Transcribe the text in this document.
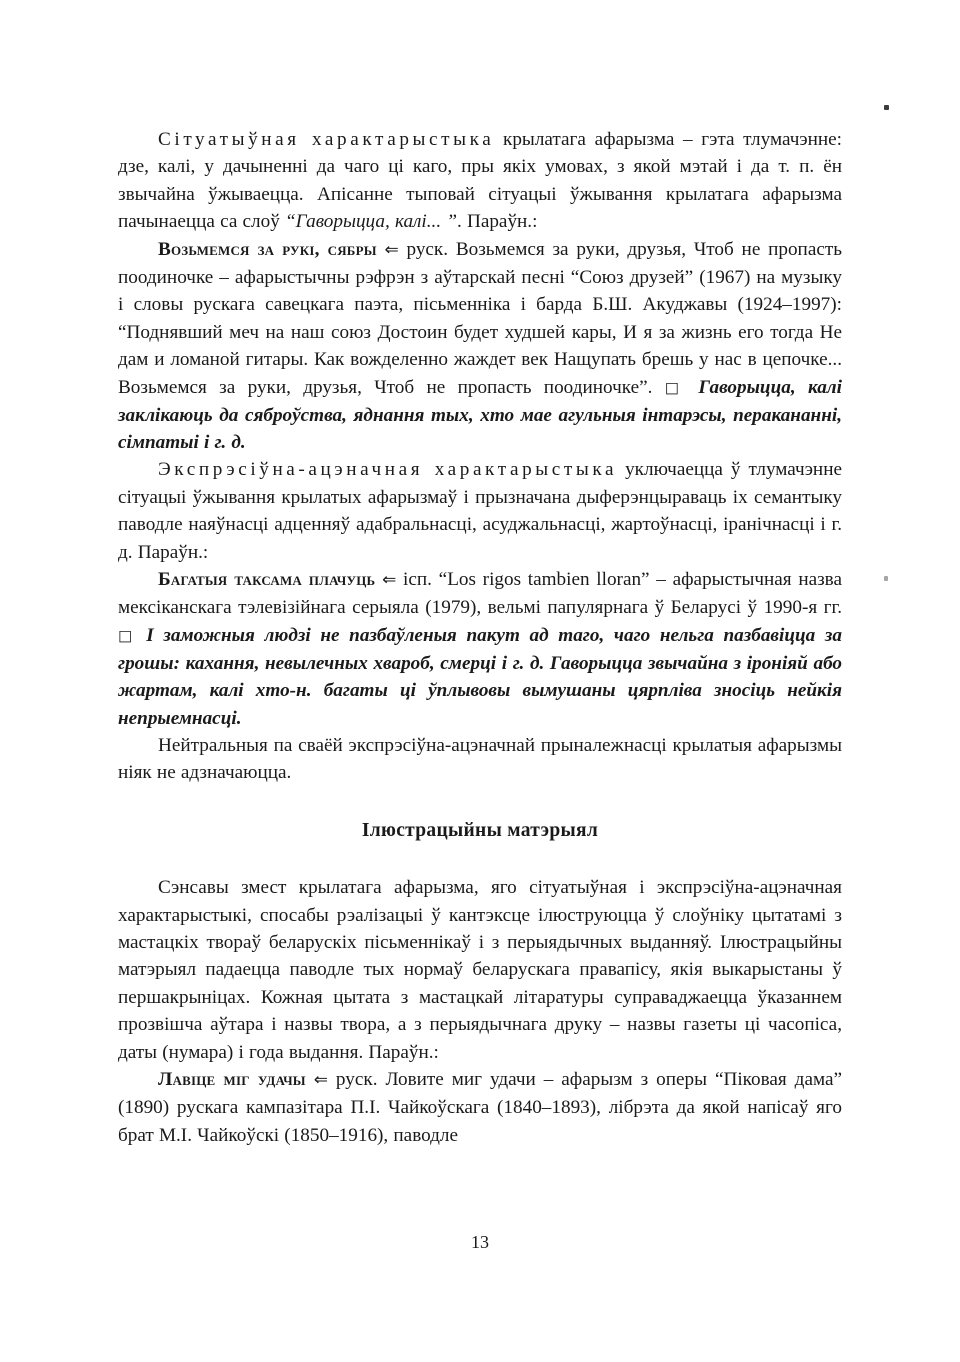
Сітуатыўная характарыстыка крылатага афарызма – гэта тлумачэнне: дзе, калі, у дачыненні да чаго ці каго, пры якіх умовах, з якой мэтай і да т. п. ён звычайна ўжываецца. Апісанне тыповай сітуацыі ўжывання крылатага афарызма пачынаецца са слоў “Гаворыцца, калі... ”. Параўн.:

Возьмемся за рукі, сябры ⇐ руск. Возьмемся за руки, друзья, Чтоб не пропасть поодиночке – афарыстычны рэфрэн з аўтарскай песні “Союз друзей” (1967) на музыку і словы рускага савецкага паэта, пісьменніка і барда Б.Ш. Акуджавы (1924–1997): “Поднявший меч на наш союз Достоин будет худшей кары, И я за жизнь его тогда Не дам и ломаной гитары. Как вожделенно жаждет век Нащупать брешь у нас в цепочке... Возьмемся за руки, друзья, Чтоб не пропасть поодиночке”. □ Гаворыцца, калі заклікаюць да сяброўства, яднання тых, хто мае агульныя інтарэсы, перакананні, сімпатыі і г. д.

Экспрэсіўна-ацэначная характарыстыка уключаецца ў тлумачэнне сітуацыі ўжывання крылатых афарызмаў і прызначана дыферэнцыраваць іх семантыку паводле наяўнасці адценняў адабральнасці, асуджальнасці, жартоўнасці, іранічнасці і г. д. Параўн.:

Багатыя таксама плачуць ⇐ ісп. “Los rigos tambien lloran” – афарыстычная назва мексіканскага тэлевізійнага серыяла (1979), вельмі папулярнага ў Беларусі ў 1990-я гг. □ І заможныя людзі не пазбаўленыя пакут ад таго, чаго нельга пазбавіцца за грошы: кахання, невылечных хвароб, смерці і г. д. Гаворыцца звычайна з іроніяй або жартам, калі хто-н. багаты ці ўплывовы вымушаны цярпліва зносіць нейкія непрыемнасці.

Нейтральныя па сваёй экспрэсіўна-ацэначнай прыналежнасці крылатыя афарызмы ніяк не адзначаюцца.

Ілюстрацыйны матэрыял

Сэнсавы змест крылатага афарызма, яго сітуатыўная і экспрэсіўна-ацэначная характарыстыкі, спосабы рэалізацыі ў кантэксце ілюструюцца ў слоўніку цытатамі з мастацкіх твораў беларускіх пісьменнікаў і з перыядычных выданняў. Ілюстрацыйны матэрыял падаецца паводле тых нормаў беларускага правапісу, якія выкарыстаны ў першакрыніцах. Кожная цытата з мастацкай літаратуры суправаджаецца ўказаннем прозвішча аўтара і назвы твора, а з перыядычнага друку – назвы газеты ці часопіса, даты (нумара) і года выдання. Параўн.:

Лавіце міг удачы ⇐ руск. Ловите миг удачи – афарызм з оперы “Піковая дама” (1890) рускага кампазітара П.І. Чайкоўскага (1840–1893), лібрэта да якой напісаў яго брат М.І. Чайкоўскі (1850–1916), паводле

13
